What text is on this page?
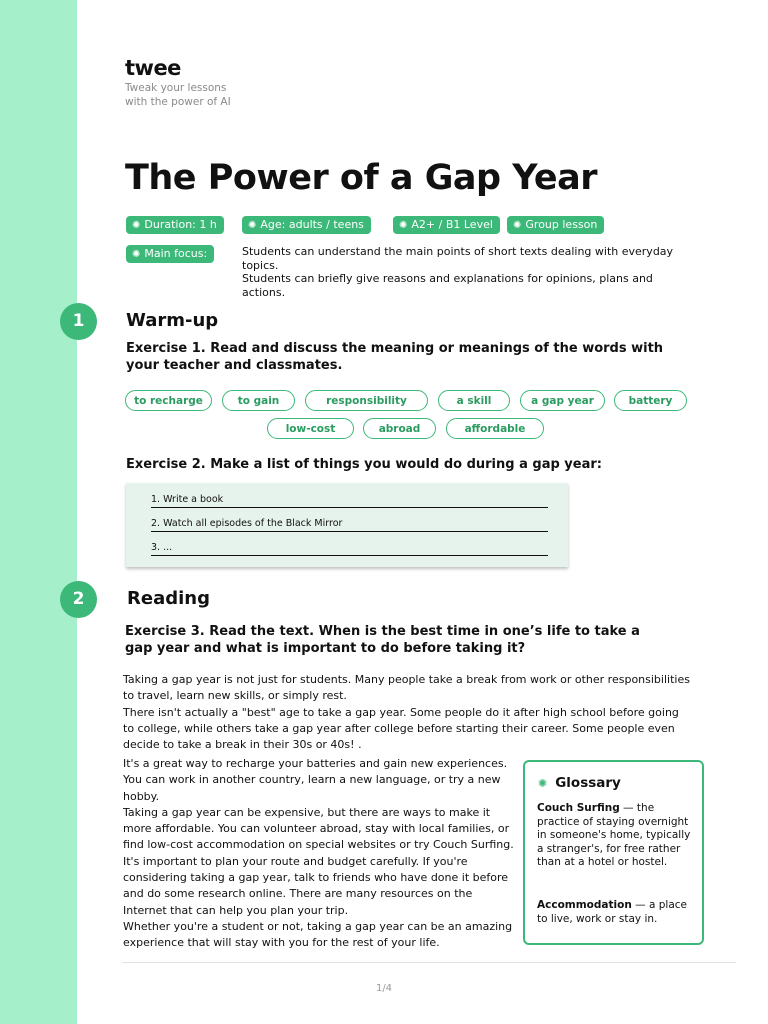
twee
Tweak your lessons
with the power of AI
The Power of a Gap Year
✺ Duration: 1 h	✺ Age: adults / teens	✺ A2+ / B1 Level	✺ Group lesson
✺ Main focus:	Students can understand the main points of short texts dealing with everyday topics.
Students can briefly give reasons and explanations for opinions, plans and actions.
1	Warm-up
Exercise 1. Read and discuss the meaning or meanings of the words with your teacher and classmates.
to recharge	to gain	responsibility	a skill	a gap year	battery
low-cost	abroad	affordable
Exercise 2. Make a list of things you would do during a gap year:
1. Write a book
2. Watch all episodes of the Black Mirror
3. ...
2	Reading
Exercise 3. Read the text. When is the best time in one’s life to take a gap year and what is important to do before taking it?
Taking a gap year is not just for students. Many people take a break from work or other responsibilities to travel, learn new skills, or simply rest.
There isn't actually a "best" age to take a gap year. Some people do it after high school before going to college, while others take a gap year after college before starting their career. Some people even decide to take a break in their 30s or 40s! .
It's a great way to recharge your batteries and gain new experiences. You can work in another country, learn a new language, or try a new hobby.
Taking a gap year can be expensive, but there are ways to make it more affordable. You can volunteer abroad, stay with local families, or find low-cost accommodation on special websites or try Couch Surfing.
It's important to plan your route and budget carefully. If you're considering taking a gap year, talk to friends who have done it before and do some research online. There are many resources on the Internet that can help you plan your trip.
Whether you're a student or not, taking a gap year can be an amazing experience that will stay with you for the rest of your life.
✺ Glossary
Couch Surfing — the practice of staying overnight in someone's home, typically a stranger's, for free rather than at a hotel or hostel.
Accommodation — a place to live, work or stay in.
1/4
